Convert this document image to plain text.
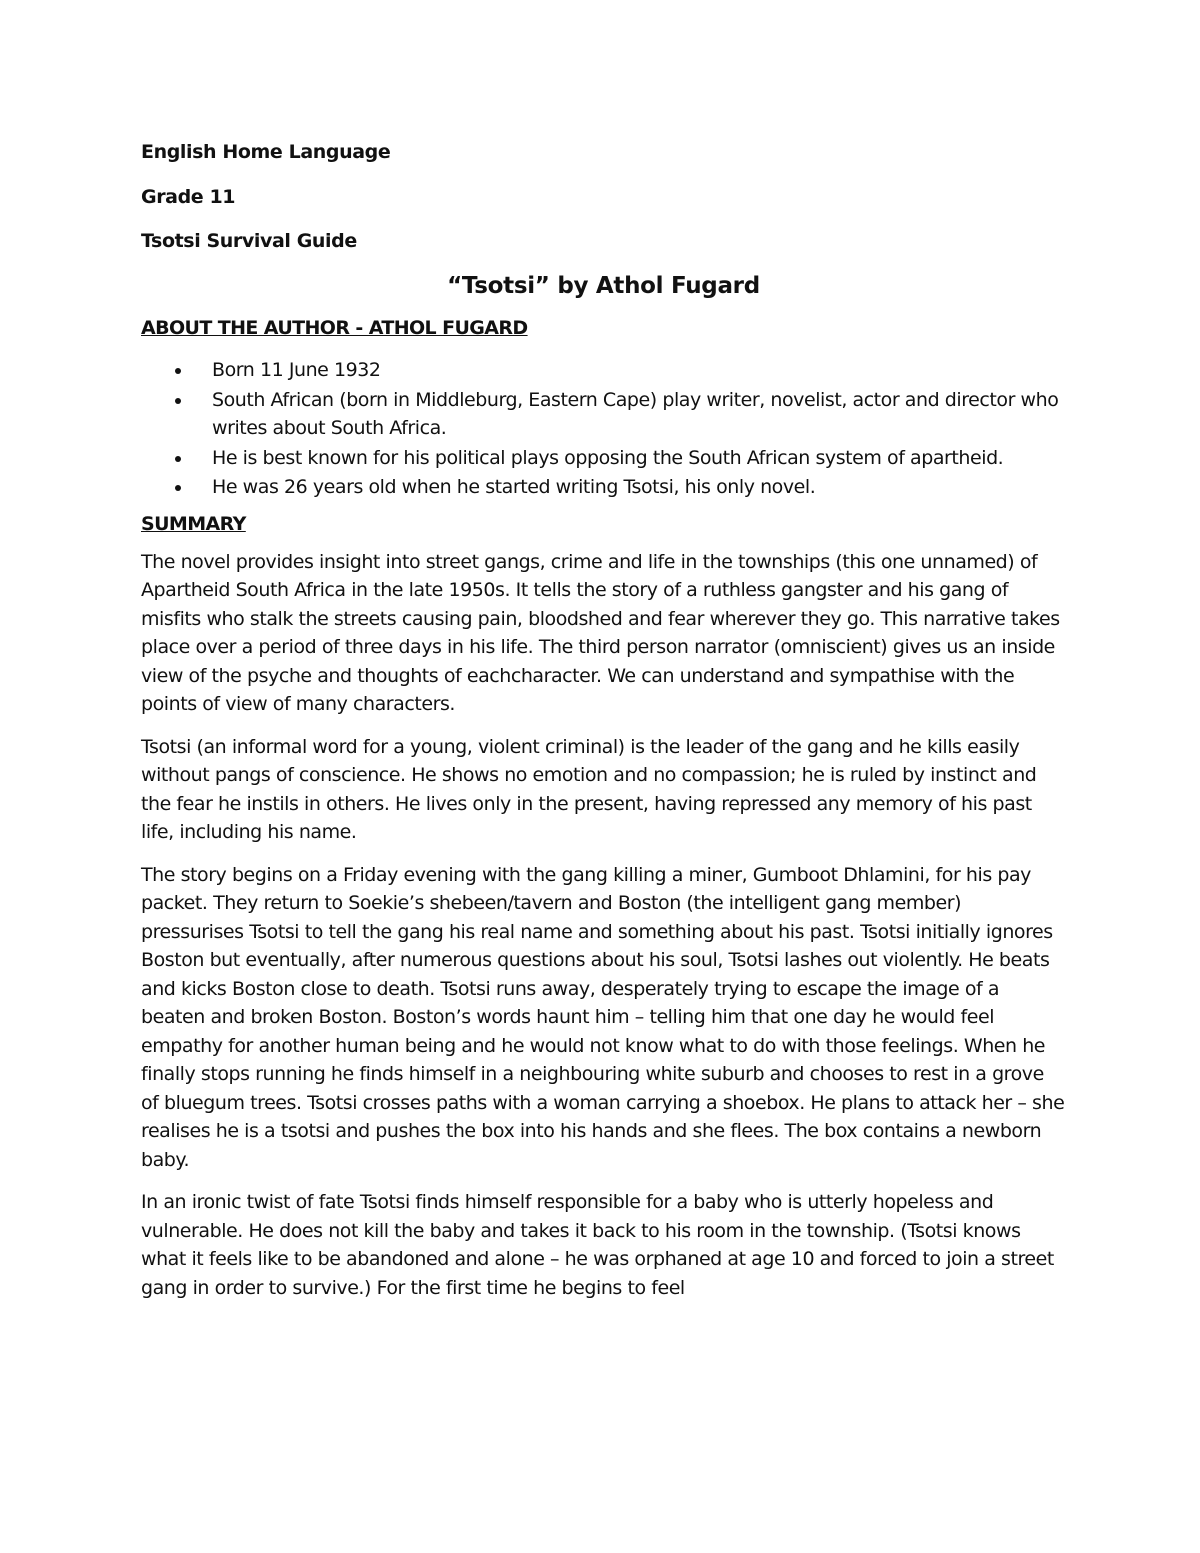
English Home Language

Grade 11

Tsotsi Survival Guide

“Tsotsi” by Athol Fugard
ABOUT THE AUTHOR - ATHOL FUGARD
Born 11 June 1932
South African (born in Middleburg, Eastern Cape) play writer, novelist, actor and director who writes about South Africa.
He is best known for his political plays opposing the South African system of apartheid.
He was 26 years old when he started writing Tsotsi, his only novel.
SUMMARY

The novel provides insight into street gangs, crime and life in the townships (this one unnamed) of Apartheid South Africa in the late 1950s. It tells the story of a ruthless gangster and his gang of misfits who stalk the streets causing pain, bloodshed and fear wherever they go. This narrative takes place over a period of three days in his life. The third person narrator (omniscient) gives us an inside view of the psyche and thoughts of eachcharacter. We can understand and sympathise with the points of view of many characters.

Tsotsi (an informal word for a young, violent criminal) is the leader of the gang and he kills easily without pangs of conscience. He shows no emotion and no compassion; he is ruled by instinct and the fear he instils in others. He lives only in the present, having repressed any memory of his past life, including his name.

The story begins on a Friday evening with the gang killing a miner, Gumboot Dhlamini, for his pay packet. They return to Soekie’s shebeen/tavern and Boston (the intelligent gang member) pressurises Tsotsi to tell the gang his real name and something about his past. Tsotsi initially ignores Boston but eventually, after numerous questions about his soul, Tsotsi lashes out violently. He beats and kicks Boston close to death. Tsotsi runs away, desperately trying to escape the image of a beaten and broken Boston. Boston’s words haunt him – telling him that one day he would feel empathy for another human being and he would not know what to do with those feelings. When he finally stops running he finds himself in a neighbouring white suburb and chooses to rest in a grove of bluegum trees. Tsotsi crosses paths with a woman carrying a shoebox. He plans to attack her – she realises he is a tsotsi and pushes the box into his hands and she flees. The box contains a newborn baby.

In an ironic twist of fate Tsotsi finds himself responsible for a baby who is utterly hopeless and vulnerable. He does not kill the baby and takes it back to his room in the township. (Tsotsi knows what it feels like to be abandoned and alone – he was orphaned at age 10 and forced to join a street gang in order to survive.) For the first time he begins to feel
